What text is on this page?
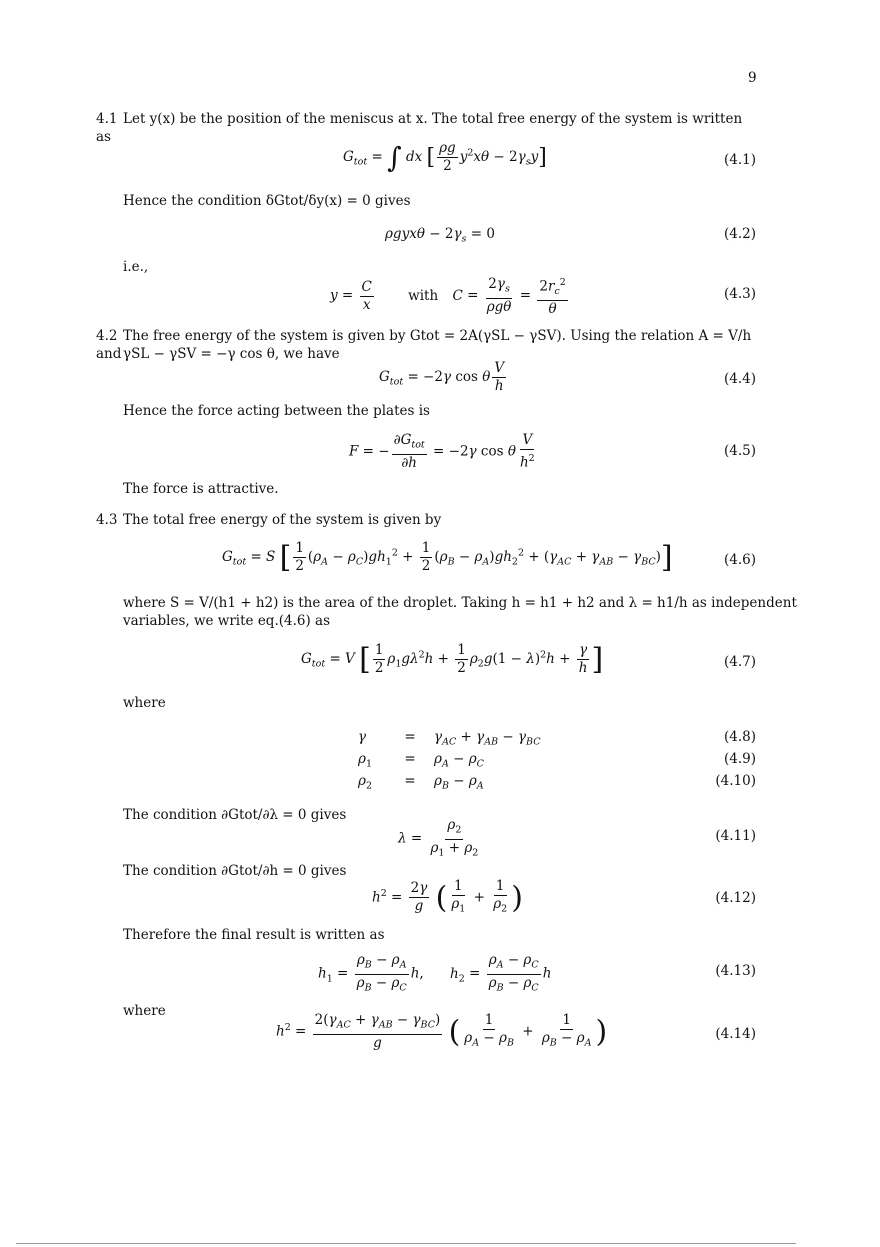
9
4.1 Let y(x) be the position of the meniscus at x. The total free energy of the system is written as
$G_{tot}$ = ∫ dx [ $\frac{\rho g}{2} y^2x\theta - 2\gamma_sy$]	(4.1)
Hence the condition δGtot/δy(x) = 0 gives
$\rho gyx\theta - 2\gamma_s = 0$	(4.2)
i.e.,
$y = \frac{C}{x}$	with $C = \frac{2\gamma_s}{\text{ρgθ}} = \frac{2r_c^2}{\theta}$	(4.3)
4.2 The free energy of the system is given by Gtot = 2A(γSL − γSV). Using the relation A = V/h and γSL − γSV = −γ cos θ, we have
$G_{tot} = -2\gamma$ cos θ $\frac{V}{h}$	(4.4)
Hence the force acting between the plates is
F = − $\frac{\partial G_{tot}}{\partial h} = -2\gamma$ cos θ $\frac{V}{h^2}$	(4.5)
The force is attractive.
4.3 The total free energy of the system is given by
$G_{tot} = S$ [ $\frac{1}{2} (\rho_A - \rho_C)gh_1^2 + \frac{1}{2} (\rho_B - \rho_A)gh_2^2 + (\gamma_{AC} + \gamma_{AB} - \gamma_{BC})$]	(4.6)
where S = V/(h1 + h2) is the area of the droplet. Taking h = h1 + h2 and λ = h1/h as independent
variables, we write eq.(4.6) as
$G_{tot} = V$ [ $\frac{1}{2} \rho_1g\lambda^2h + \frac{1}{2} \rho_2g(1 - \lambda)^2h + \frac{\gamma}{h}$ ]	(4.7)
where
γ	= $\gamma_{AC} + \gamma_{AB} - \gamma_{BC}$	(4.8)
$\rho_1 = \rho_A - \rho_C$	(4.9)
$\rho_2 = \rho_B - \rho_A$	(4.10)
The condition ∂Gtot/∂λ = 0 gives
$\lambda = \frac{\rho_2}{\rho_1 + \rho_2}$	(4.11)
The condition ∂Gtot/∂h = 0 gives
$h^2 = \frac{2\gamma}{g}$ ( $\frac{1}{\rho_1} + \frac{1}{\rho_2}$ )	(4.12)
Therefore the final result is written as
$h_1 = \frac{\rho_B - \rho_A}{\rho_B - \rho_C} h$, $h_2 = \frac{\rho_A - \rho_C}{\rho_B - \rho_C}$ h	(4.13)
where
$h^2 = \frac{2(\gamma_{AC} + \gamma_{AB} - \gamma_{BC})}{g}$ ( $\frac{1}{\rho_A - \rho_B} + \frac{1}{\rho_B - \rho_A}$ )	(4.14)
